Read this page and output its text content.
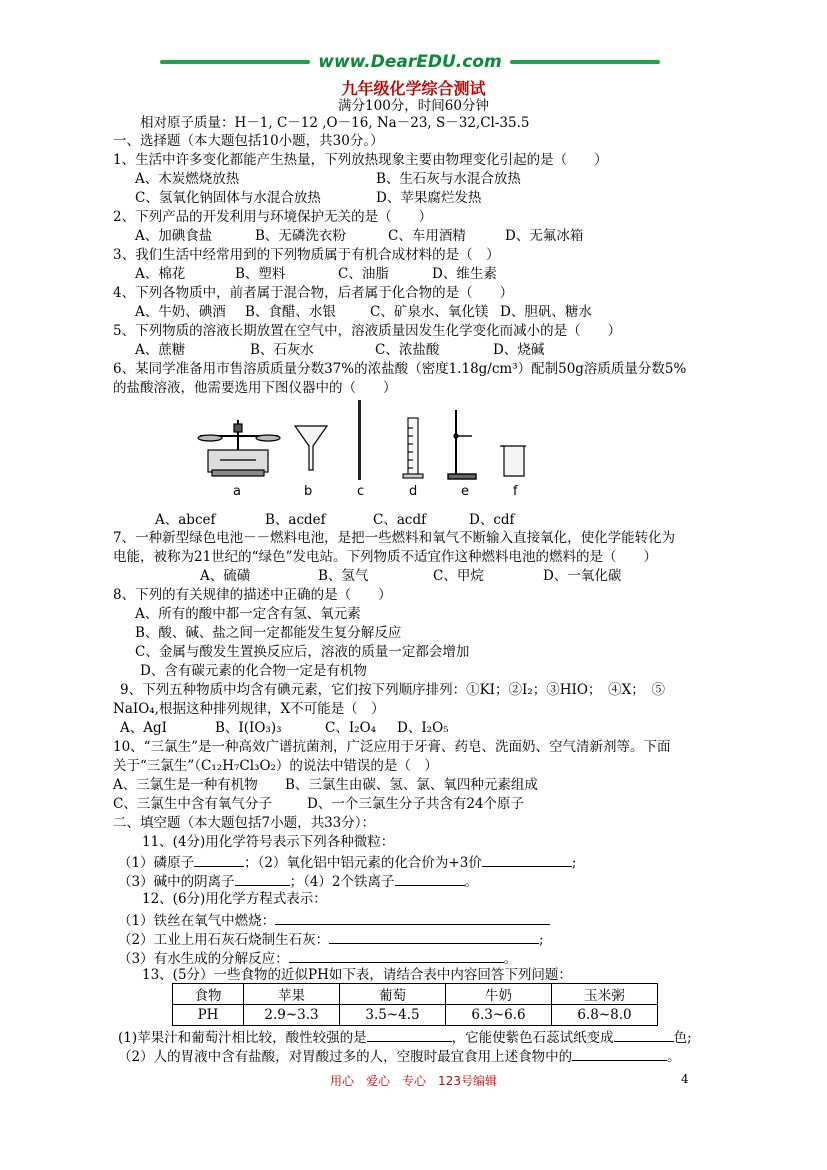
www.DearEDU.com
九年级化学综合测试
满分100分，时间60分钟
相对原子质量：H－1, C－12 ,O－16, Na－23, S－32,Cl-35.5
一、选择题（本大题包括10小题，共30分。）
1、生活中许多变化都能产生热量，下列放热现象主要由物理变化引起的是（　　）
A、木炭燃烧放热	B、生石灰与水混合放热
C、氢氧化钠固体与水混合放热	D、苹果腐烂发热
2、下列产品的开发利用与环境保护无关的是（　　）
A、加碘食盐	B、无磷洗衣粉	C、车用酒精	D、无氟冰箱
3、我们生活中经常用到的下列物质属于有机合成材料的是（　）
A、棉花	B、塑料	C、油脂	D、维生素
4、下列各物质中，前者属于混合物，后者属于化合物的是（　　）
A、牛奶、碘酒 B、食醋、水银	C、矿泉水、氧化镁 D、胆矾、糖水
5、下列物质的溶液长期放置在空气中，溶液质量因发生化学变化而减小的是（　　）
A、蔗糖	B、石灰水	C、浓盐酸	D、烧碱
6、某同学准备用市售溶质质量分数37%的浓盐酸（密度1.18g/cm³）配制50g溶质质量分数5%
的盐酸溶液，他需要选用下图仪器中的（　　）
a	b	c	d	e	f
A、abcef	B、acdef	C、acdf	D、cdf
7、一种新型绿色电池－－燃料电池，是把一些燃料和氧气不断输入直接氧化，使化学能转化为
电能，被称为21世纪的“绿色”发电站。下列物质不适宜作这种燃料电池的燃料的是（　　）
A、硫磺	B、氢气	C、甲烷	D、一氧化碳
8、下列的有关规律的描述中正确的是（　　）
A、所有的酸中都一定含有氢、氧元素
B、酸、碱、盐之间一定都能发生复分解反应
C、金属与酸发生置换反应后，溶液的质量一定都会增加
D、含有碳元素的化合物一定是有机物
9、下列五种物质中均含有碘元素，它们按下列顺序排列：①KI；②I₂；③HIO；　④X；　⑤
NaIO₄,根据这种排列规律，X不可能是（　）
A、AgI	B、I(IO₃)₃	C、I₂O₄ D、I₂O₅
10、“三氯生”是一种高效广谱抗菌剂，广泛应用于牙膏、药皂、洗面奶、空气清新剂等。下面
关于“三氯生”（C₁₂H₇Cl₃O₂）的说法中错误的是（　）
A、三氯生是一种有机物 B、三氯生由碳、氢、氯、氧四种元素组成
C、三氯生中含有氧气分子	D、一个三氯生分子共含有24个原子
二、填空题（本大题包括7小题，共33分）：
11、(4分)用化学符号表示下列各种微粒：
（1）磷原子	；（2）氧化铝中铝元素的化合价为+3价	;
（3）碱中的阴离子	；（4）2个铁离子	。
12、(6分)用化学方程式表示：
（1）铁丝在氧气中燃烧：
（2）工业上用石灰石烧制生石灰：	;
（3）有水生成的分解反应：	。
13、(5分）一些食物的近似PH如下表，请结合表中内容回答下列问题：
食物	苹果	葡萄	牛奶	玉米粥
PH	2.9~3.3	3.5~4.5	6.3~6.6	6.8~8.0
(1)苹果汁和葡萄汁相比较，酸性较强的是	，它能使紫色石蕊试纸变成	色;
（2）人的胃液中含有盐酸，对胃酸过多的人，空腹时最宜食用上述食物中的	。
用心　爱心　专心　123号编辑	4
